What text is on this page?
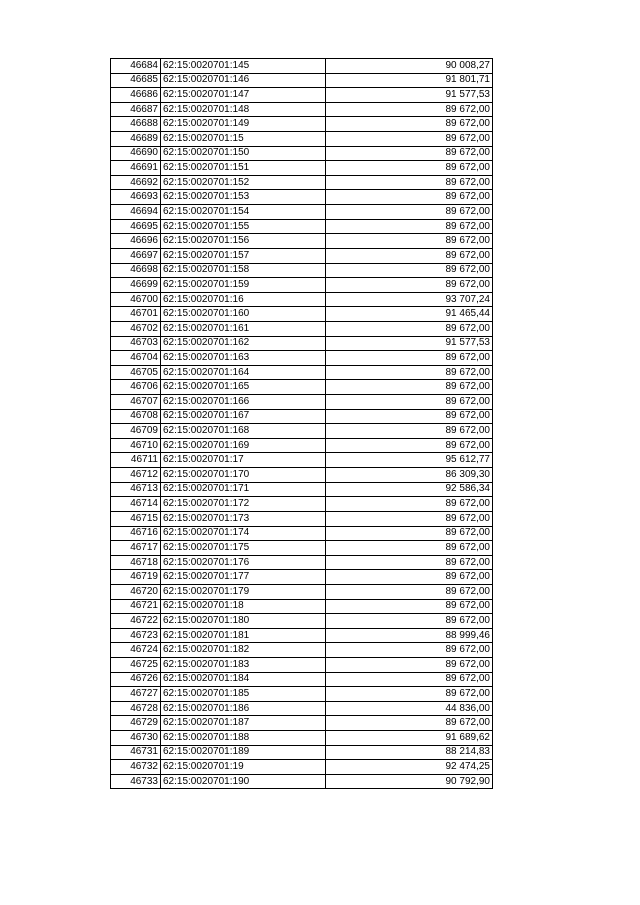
46684	62:15:0020701:145	90 008,27
46685	62:15:0020701:146	91 801,71
46686	62:15:0020701:147	91 577,53
46687	62:15:0020701:148	89 672,00
46688	62:15:0020701:149	89 672,00
46689	62:15:0020701:15	89 672,00
46690	62:15:0020701:150	89 672,00
46691	62:15:0020701:151	89 672,00
46692	62:15:0020701:152	89 672,00
46693	62:15:0020701:153	89 672,00
46694	62:15:0020701:154	89 672,00
46695	62:15:0020701:155	89 672,00
46696	62:15:0020701:156	89 672,00
46697	62:15:0020701:157	89 672,00
46698	62:15:0020701:158	89 672,00
46699	62:15:0020701:159	89 672,00
46700	62:15:0020701:16	93 707,24
46701	62:15:0020701:160	91 465,44
46702	62:15:0020701:161	89 672,00
46703	62:15:0020701:162	91 577,53
46704	62:15:0020701:163	89 672,00
46705	62:15:0020701:164	89 672,00
46706	62:15:0020701:165	89 672,00
46707	62:15:0020701:166	89 672,00
46708	62:15:0020701:167	89 672,00
46709	62:15:0020701:168	89 672,00
46710	62:15:0020701:169	89 672,00
46711	62:15:0020701:17	95 612,77
46712	62:15:0020701:170	86 309,30
46713	62:15:0020701:171	92 586,34
46714	62:15:0020701:172	89 672,00
46715	62:15:0020701:173	89 672,00
46716	62:15:0020701:174	89 672,00
46717	62:15:0020701:175	89 672,00
46718	62:15:0020701:176	89 672,00
46719	62:15:0020701:177	89 672,00
46720	62:15:0020701:179	89 672,00
46721	62:15:0020701:18	89 672,00
46722	62:15:0020701:180	89 672,00
46723	62:15:0020701:181	88 999,46
46724	62:15:0020701:182	89 672,00
46725	62:15:0020701:183	89 672,00
46726	62:15:0020701:184	89 672,00
46727	62:15:0020701:185	89 672,00
46728	62:15:0020701:186	44 836,00
46729	62:15:0020701:187	89 672,00
46730	62:15:0020701:188	91 689,62
46731	62:15:0020701:189	88 214,83
46732	62:15:0020701:19	92 474,25
46733	62:15:0020701:190	90 792,90
